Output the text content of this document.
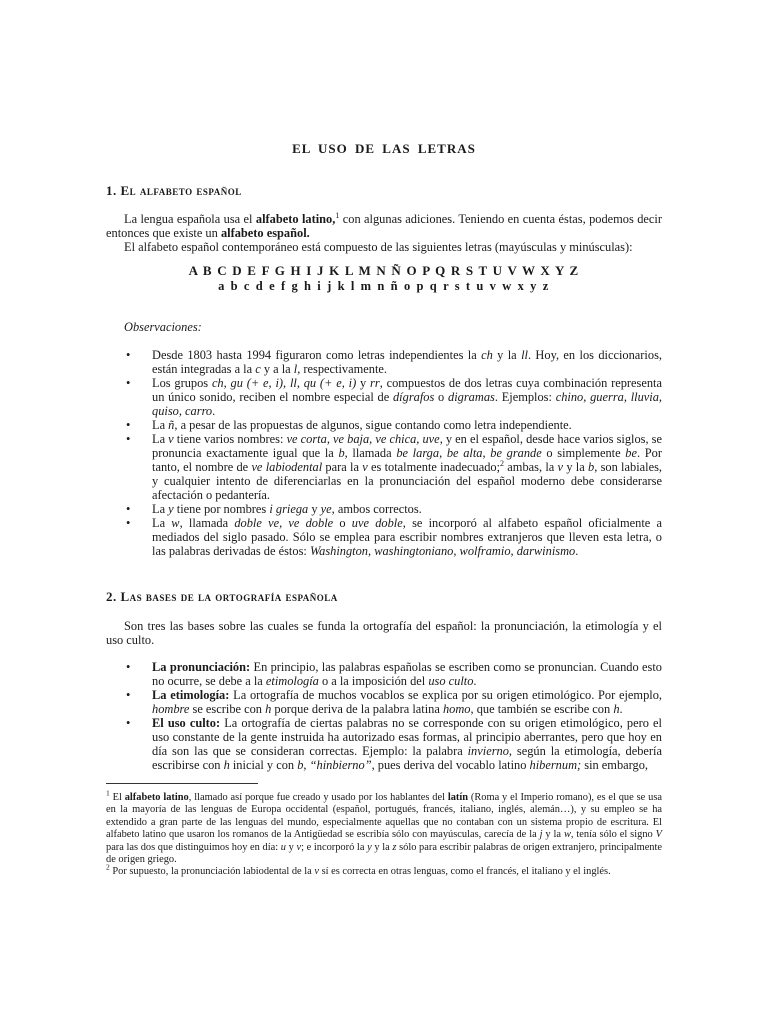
EL USO DE LAS LETRAS
1. El alfabeto español
La lengua española usa el alfabeto latino,$^1$ con algunas adiciones. Teniendo en cuenta éstas, podemos decir entonces que existe un alfabeto español.
El alfabeto español contemporáneo está compuesto de las siguientes letras (mayúsculas y minúsculas):
A B C D E F G H I J K L M N Ñ O P Q R S T U V W X Y Z
a b c d e f g h i j k l m n ñ o p q r s t u v w x y z
Observaciones:
• Desde 1803 hasta 1994 figuraron como letras independientes la ch y la ll. Hoy, en los diccionarios, están integradas a la c y a la l, respectivamente.
• Los grupos ch, gu (+ e, i), ll, qu (+ e, i) y rr, compuestos de dos letras cuya combinación representa un único sonido, reciben el nombre especial de dígrafos o digramas. Ejemplos: chino, guerra, lluvia, quiso, carro.
• La ñ, a pesar de las propuestas de algunos, sigue contando como letra independiente.
• La v tiene varios nombres: ve corta, ve baja, ve chica, uve, y en el español, desde hace varios siglos, se pronuncia exactamente igual que la b, llamada be larga, be alta, be grande o simplemente be. Por tanto, el nombre de ve labiodental para la v es totalmente inadecuado;$^2$ ambas, la v y la b, son labiales, y cualquier intento de diferenciarlas en la pronunciación del español moderno debe considerarse afectación o pedantería.
• La y tiene por nombres i griega y ye, ambos correctos.
• La w, llamada doble ve, ve doble o uve doble, se incorporó al alfabeto español oficialmente a mediados del siglo pasado. Sólo se emplea para escribir nombres extranjeros que lleven esta letra, o las palabras derivadas de éstos: Washington, washingtoniano, wolframio, darwinismo.
2. Las bases de la ortografía española
Son tres las bases sobre las cuales se funda la ortografía del español: la pronunciación, la etimología y el uso culto.
• La pronunciación: En principio, las palabras españolas se escriben como se pronuncian. Cuando esto no ocurre, se debe a la etimología o a la imposición del uso culto.
• La etimología: La ortografía de muchos vocablos se explica por su origen etimológico. Por ejemplo, hombre se escribe con h porque deriva de la palabra latina homo, que también se escribe con h.
• El uso culto: La ortografía de ciertas palabras no se corresponde con su origen etimológico, pero el uso constante de la gente instruida ha autorizado esas formas, al principio aberrantes, pero que hoy en día son las que se consideran correctas. Ejemplo: la palabra invierno, según la etimología, debería escribirse con h inicial y con b, “hinbierno”, pues deriva del vocablo latino hibernum; sin embargo,
$^1$ El alfabeto latino, llamado así porque fue creado y usado por los hablantes del latín (Roma y el Imperio romano), es el que se usa en la mayoría de las lenguas de Europa occidental (español, portugués, francés, italiano, inglés, alemán…), y su empleo se ha extendido a gran parte de las lenguas del mundo, especialmente aquellas que no contaban con un sistema propio de escritura. El alfabeto latino que usaron los romanos de la Antigüedad se escribía sólo con mayúsculas, carecía de la j y la w, tenía sólo el signo V para las dos que distinguimos hoy en día: u y v; e incorporó la y y la z sólo para escribir palabras de origen extranjero, principalmente de origen griego.
$^2$ Por supuesto, la pronunciación labiodental de la v sí es correcta en otras lenguas, como el francés, el italiano y el inglés.
